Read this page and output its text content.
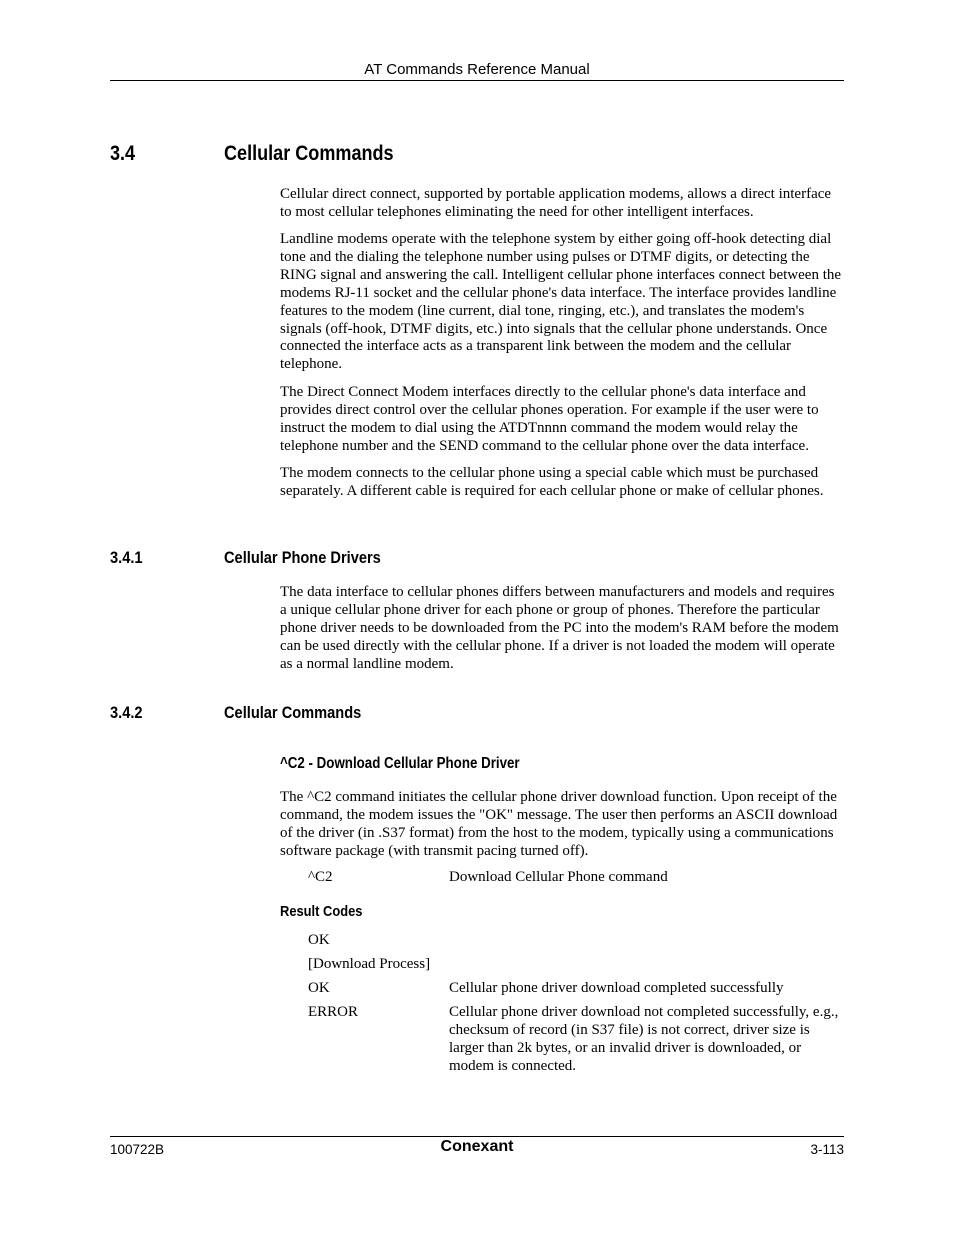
AT Commands Reference Manual
3.4	Cellular Commands

Cellular direct connect, supported by portable application modems, allows a direct interface to most cellular telephones eliminating the need for other intelligent interfaces.

Landline modems operate with the telephone system by either going off-hook detecting dial tone and the dialing the telephone number using pulses or DTMF digits, or detecting the RING signal and answering the call. Intelligent cellular phone interfaces connect between the modems RJ-11 socket and the cellular phone's data interface. The interface provides landline features to the modem (line current, dial tone, ringing, etc.), and translates the modem's signals (off-hook, DTMF digits, etc.) into signals that the cellular phone understands. Once connected the interface acts as a transparent link between the modem and the cellular telephone.

The Direct Connect Modem interfaces directly to the cellular phone's data interface and provides direct control over the cellular phones operation. For example if the user were to instruct the modem to dial using the ATDTnnnn command the modem would relay the telephone number and the SEND command to the cellular phone over the data interface.

The modem connects to the cellular phone using a special cable which must be purchased separately. A different cable is required for each cellular phone or make of cellular phones.

3.4.1	Cellular Phone Drivers

The data interface to cellular phones differs between manufacturers and models and requires a unique cellular phone driver for each phone or group of phones. Therefore the particular phone driver needs to be downloaded from the PC into the modem's RAM before the modem can be used directly with the cellular phone. If a driver is not loaded the modem will operate as a normal landline modem.

3.4.2	Cellular Commands
^C2 - Download Cellular Phone Driver

The ^C2 command initiates the cellular phone driver download function. Upon receipt of the command, the modem issues the "OK" message. The user then performs an ASCII download of the driver (in .S37 format) from the host to the modem, typically using a communications software package (with transmit pacing turned off).

^C2	Download Cellular Phone command
Result Codes
OK
[Download Process]
OK	Cellular phone driver download completed successfully
ERROR	Cellular phone driver download not completed successfully, e.g., checksum of record (in S37 file) is not correct, driver size is larger than 2k bytes, or an invalid driver is downloaded, or modem is connected.
100722B	Conexant	3-113
